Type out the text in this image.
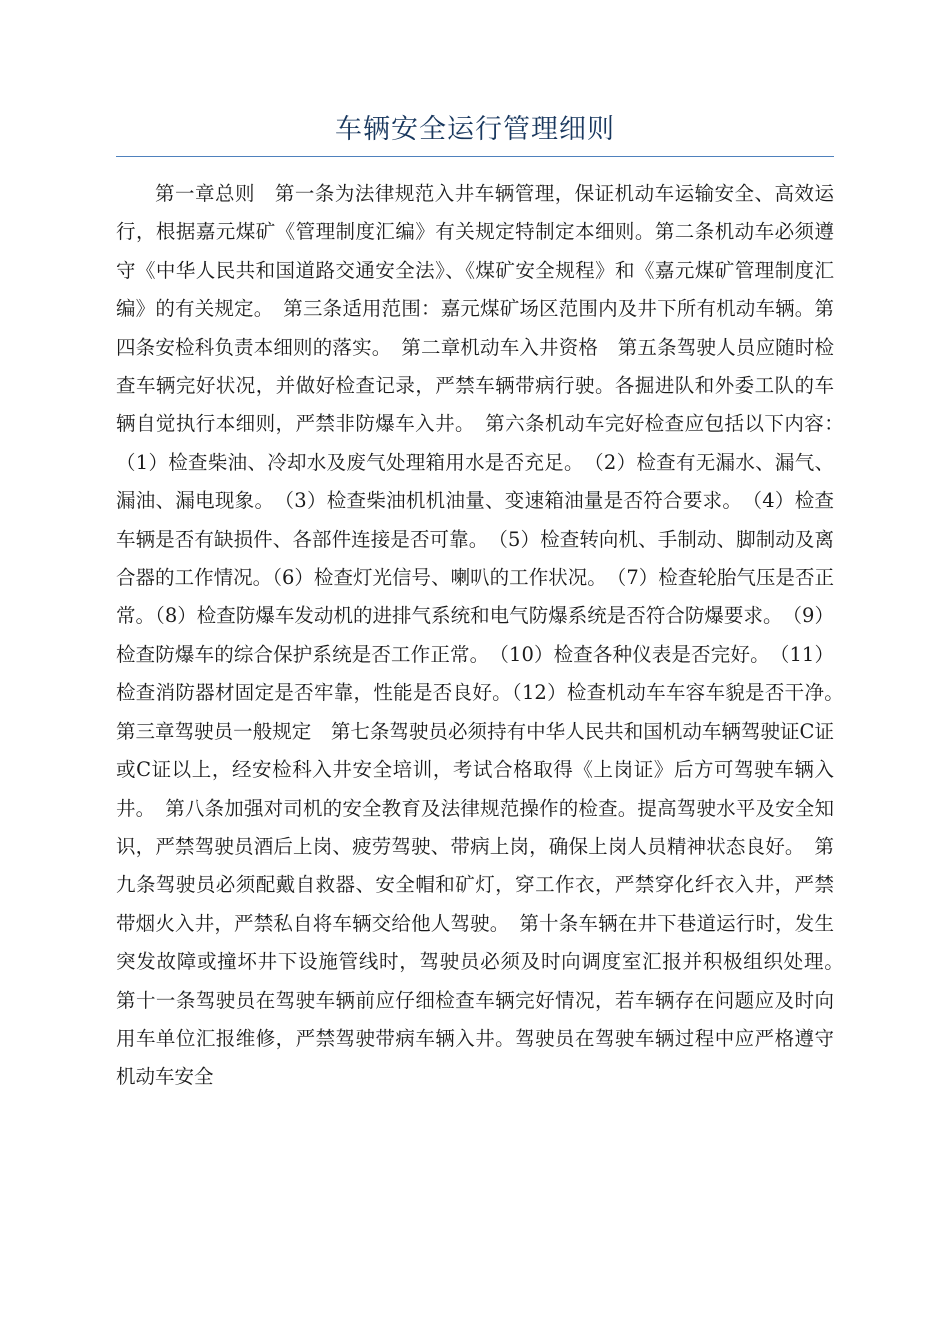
车辆安全运行管理细则

第一章总则　第一条为法律规范入井车辆管理，保证机动车运输安全、高效运行，根据嘉元煤矿《管理制度汇编》有关规定特制定本细则。第二条机动车必须遵守《中华人民共和国道路交通安全法》、《煤矿安全规程》和《嘉元煤矿管理制度汇编》的有关规定。　第三条适用范围：嘉元煤矿场区范围内及井下所有机动车辆。第四条安检科负责本细则的落实。　第二章机动车入井资格　第五条驾驶人员应随时检查车辆完好状况，并做好检查记录，严禁车辆带病行驶。各掘进队和外委工队的车辆自觉执行本细则，严禁非防爆车入井。　第六条机动车完好检查应包括以下内容：　（1）检查柴油、冷却水及废气处理箱用水是否充足。　（2）检查有无漏水、漏气、漏油、漏电现象。　（3）检查柴油机机油量、变速箱油量是否符合要求。　（4）检查车辆是否有缺损件、各部件连接是否可靠。　（5）检查转向机、手制动、脚制动及离合器的工作情况。（6）检查灯光信号、喇叭的工作状况。　（7）检查轮胎气压是否正常。（8）检查防爆车发动机的进排气系统和电气防爆系统是否符合防爆要求。　（9）检查防爆车的综合保护系统是否工作正常。　（10）检查各种仪表是否完好。　（11）检查消防器材固定是否牢靠，性能是否良好。（12）检查机动车车容车貌是否干净。　第三章驾驶员一般规定　第七条驾驶员必须持有中华人民共和国机动车辆驾驶证C证或C证以上，经安检科入井安全培训，考试合格取得《上岗证》后方可驾驶车辆入井。　第八条加强对司机的安全教育及法律规范操作的检查。提高驾驶水平及安全知识，严禁驾驶员酒后上岗、疲劳驾驶、带病上岗，确保上岗人员精神状态良好。　第九条驾驶员必须配戴自救器、安全帽和矿灯，穿工作衣，严禁穿化纤衣入井，严禁带烟火入井，严禁私自将车辆交给他人驾驶。　第十条车辆在井下巷道运行时，发生突发故障或撞坏井下设施管线时，驾驶员必须及时向调度室汇报并积极组织处理。　第十一条驾驶员在驾驶车辆前应仔细检查车辆完好情况，若车辆存在问题应及时向用车单位汇报维修，严禁驾驶带病车辆入井。驾驶员在驾驶车辆过程中应严格遵守机动车安全
